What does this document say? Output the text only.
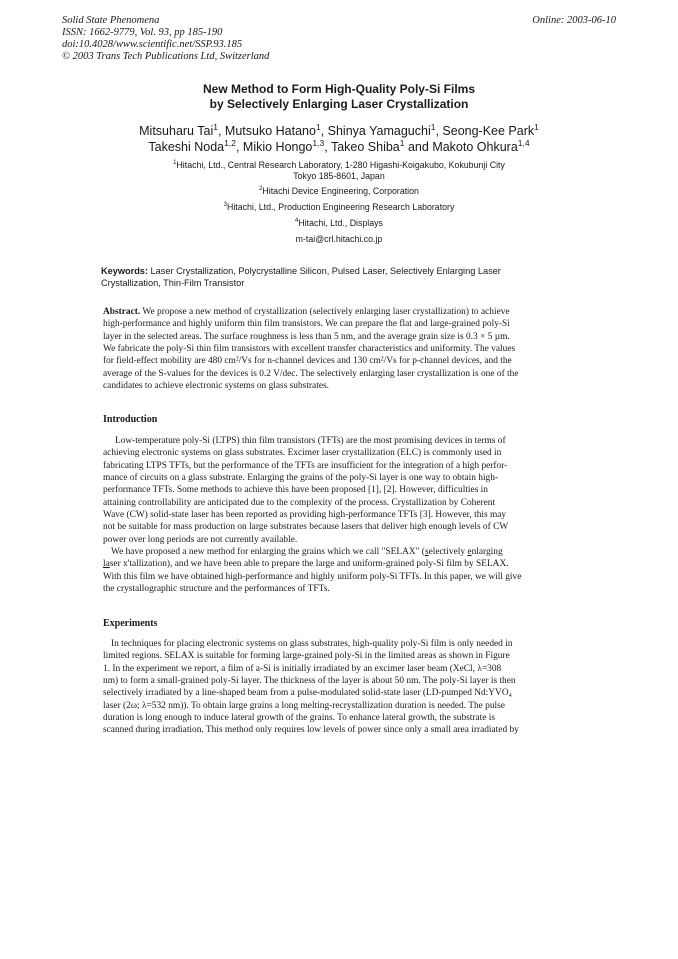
Solid State Phenomena
ISSN: 1662-9779, Vol. 93, pp 185-190
doi:10.4028/www.scientific.net/SSP.93.185
© 2003 Trans Tech Publications Ltd, Switzerland
Online: 2003-06-10
New Method to Form High-Quality Poly-Si Films
by Selectively Enlarging Laser Crystallization
Mitsuharu Tai$^1$, Mutsuko Hatano$^1$, Shinya Yamaguchi$^1$, Seong-Kee Park$^1$
Takeshi Noda$^{1,2}$, Mikio Hongo$^{1,3}$, Takeo Shiba$^1$ and Makoto Ohkura$^{1,4}$
$^1$Hitachi, Ltd., Central Research Laboratory, 1-280 Higashi-Koigakubo, Kokubunji City
Tokyo 185-8601, Japan
$^2$Hitachi Device Engineering, Corporation
$^3$Hitachi, Ltd., Production Engineering Research Laboratory
$^4$Hitachi, Ltd., Displays
m-tai@crl.hitachi.co.jp
Keywords: Laser Crystallization, Polycrystalline Silicon, Pulsed Laser, Selectively Enlarging Laser
Crystallization, Thin-Film Transistor
Abstract. We propose a new method of crystallization (selectively enlarging laser crystallization) to achieve
high-performance and highly uniform thin film transistors. We can prepare the flat and large-grained poly-Si
layer in the selected areas. The surface roughness is less than 5 nm, and the average grain size is 0.3 × 5 µm.
We fabricate the poly-Si thin film transistors with excellent transfer characteristics and uniformity. The values
for field-effect mobility are 480 cm²/Vs for n-channel devices and 130 cm²/Vs for p-channel devices, and the
average of the S-values for the devices is 0.2 V/dec. The selectively enlarging laser crystallization is one of the
candidates to achieve electronic systems on glass substrates.
Introduction
Low-temperature poly-Si (LTPS) thin film transistors (TFTs) are the most promising devices in terms of
achieving electronic systems on glass substrates. Excimer laser crystallization (ELC) is commonly used in
fabricating LTPS TFTs, but the performance of the TFTs are insufficient for the integration of a high perfor-
mance of circuits on a glass substrate. Enlarging the grains of the poly-Si layer is one way to obtain high-
performance TFTs. Some methods to achieve this have been proposed [1], [2]. However, difficulties in
attaining controllability are anticipated due to the complexity of the process. Crystallization by Coherent
Wave (CW) solid-state laser has been reported as providing high-performance TFTs [3]. However, this may
not be suitable for mass production on large substrates because lasers that deliver high enough levels of CW
power over long periods are not currently available.
We have proposed a new method for enlarging the grains which we call "SELAX" (selectively enlarging
laser x'tallization), and we have been able to prepare the large and uniform-grained poly-Si film by SELAX.
With this film we have obtained high-performance and highly uniform poly-Si TFTs. In this paper, we will give
the crystallographic structure and the performances of TFTs.
Experiments
In techniques for placing electronic systems on glass substrates, high-quality poly-Si film is only needed in
limited regions. SELAX is suitable for forming large-grained poly-Si in the limited areas as shown in Figure
1. In the experiment we report, a film of a-Si is initially irradiated by an excimer laser beam (XeCl, λ=308
nm) to form a small-grained poly-Si layer. The thickness of the layer is about 50 nm. The poly-Si layer is then
selectively irradiated by a line-shaped beam from a pulse-modulated solid-state laser (LD-pumped Nd:YVO₄
laser (2ω; λ=532 nm)). To obtain large grains a long melting-recrystallization duration is needed. The pulse
duration is long enough to induce lateral growth of the grains. To enhance lateral growth, the substrate is
scanned during irradiation. This method only requires low levels of power since only a small area irradiated by
